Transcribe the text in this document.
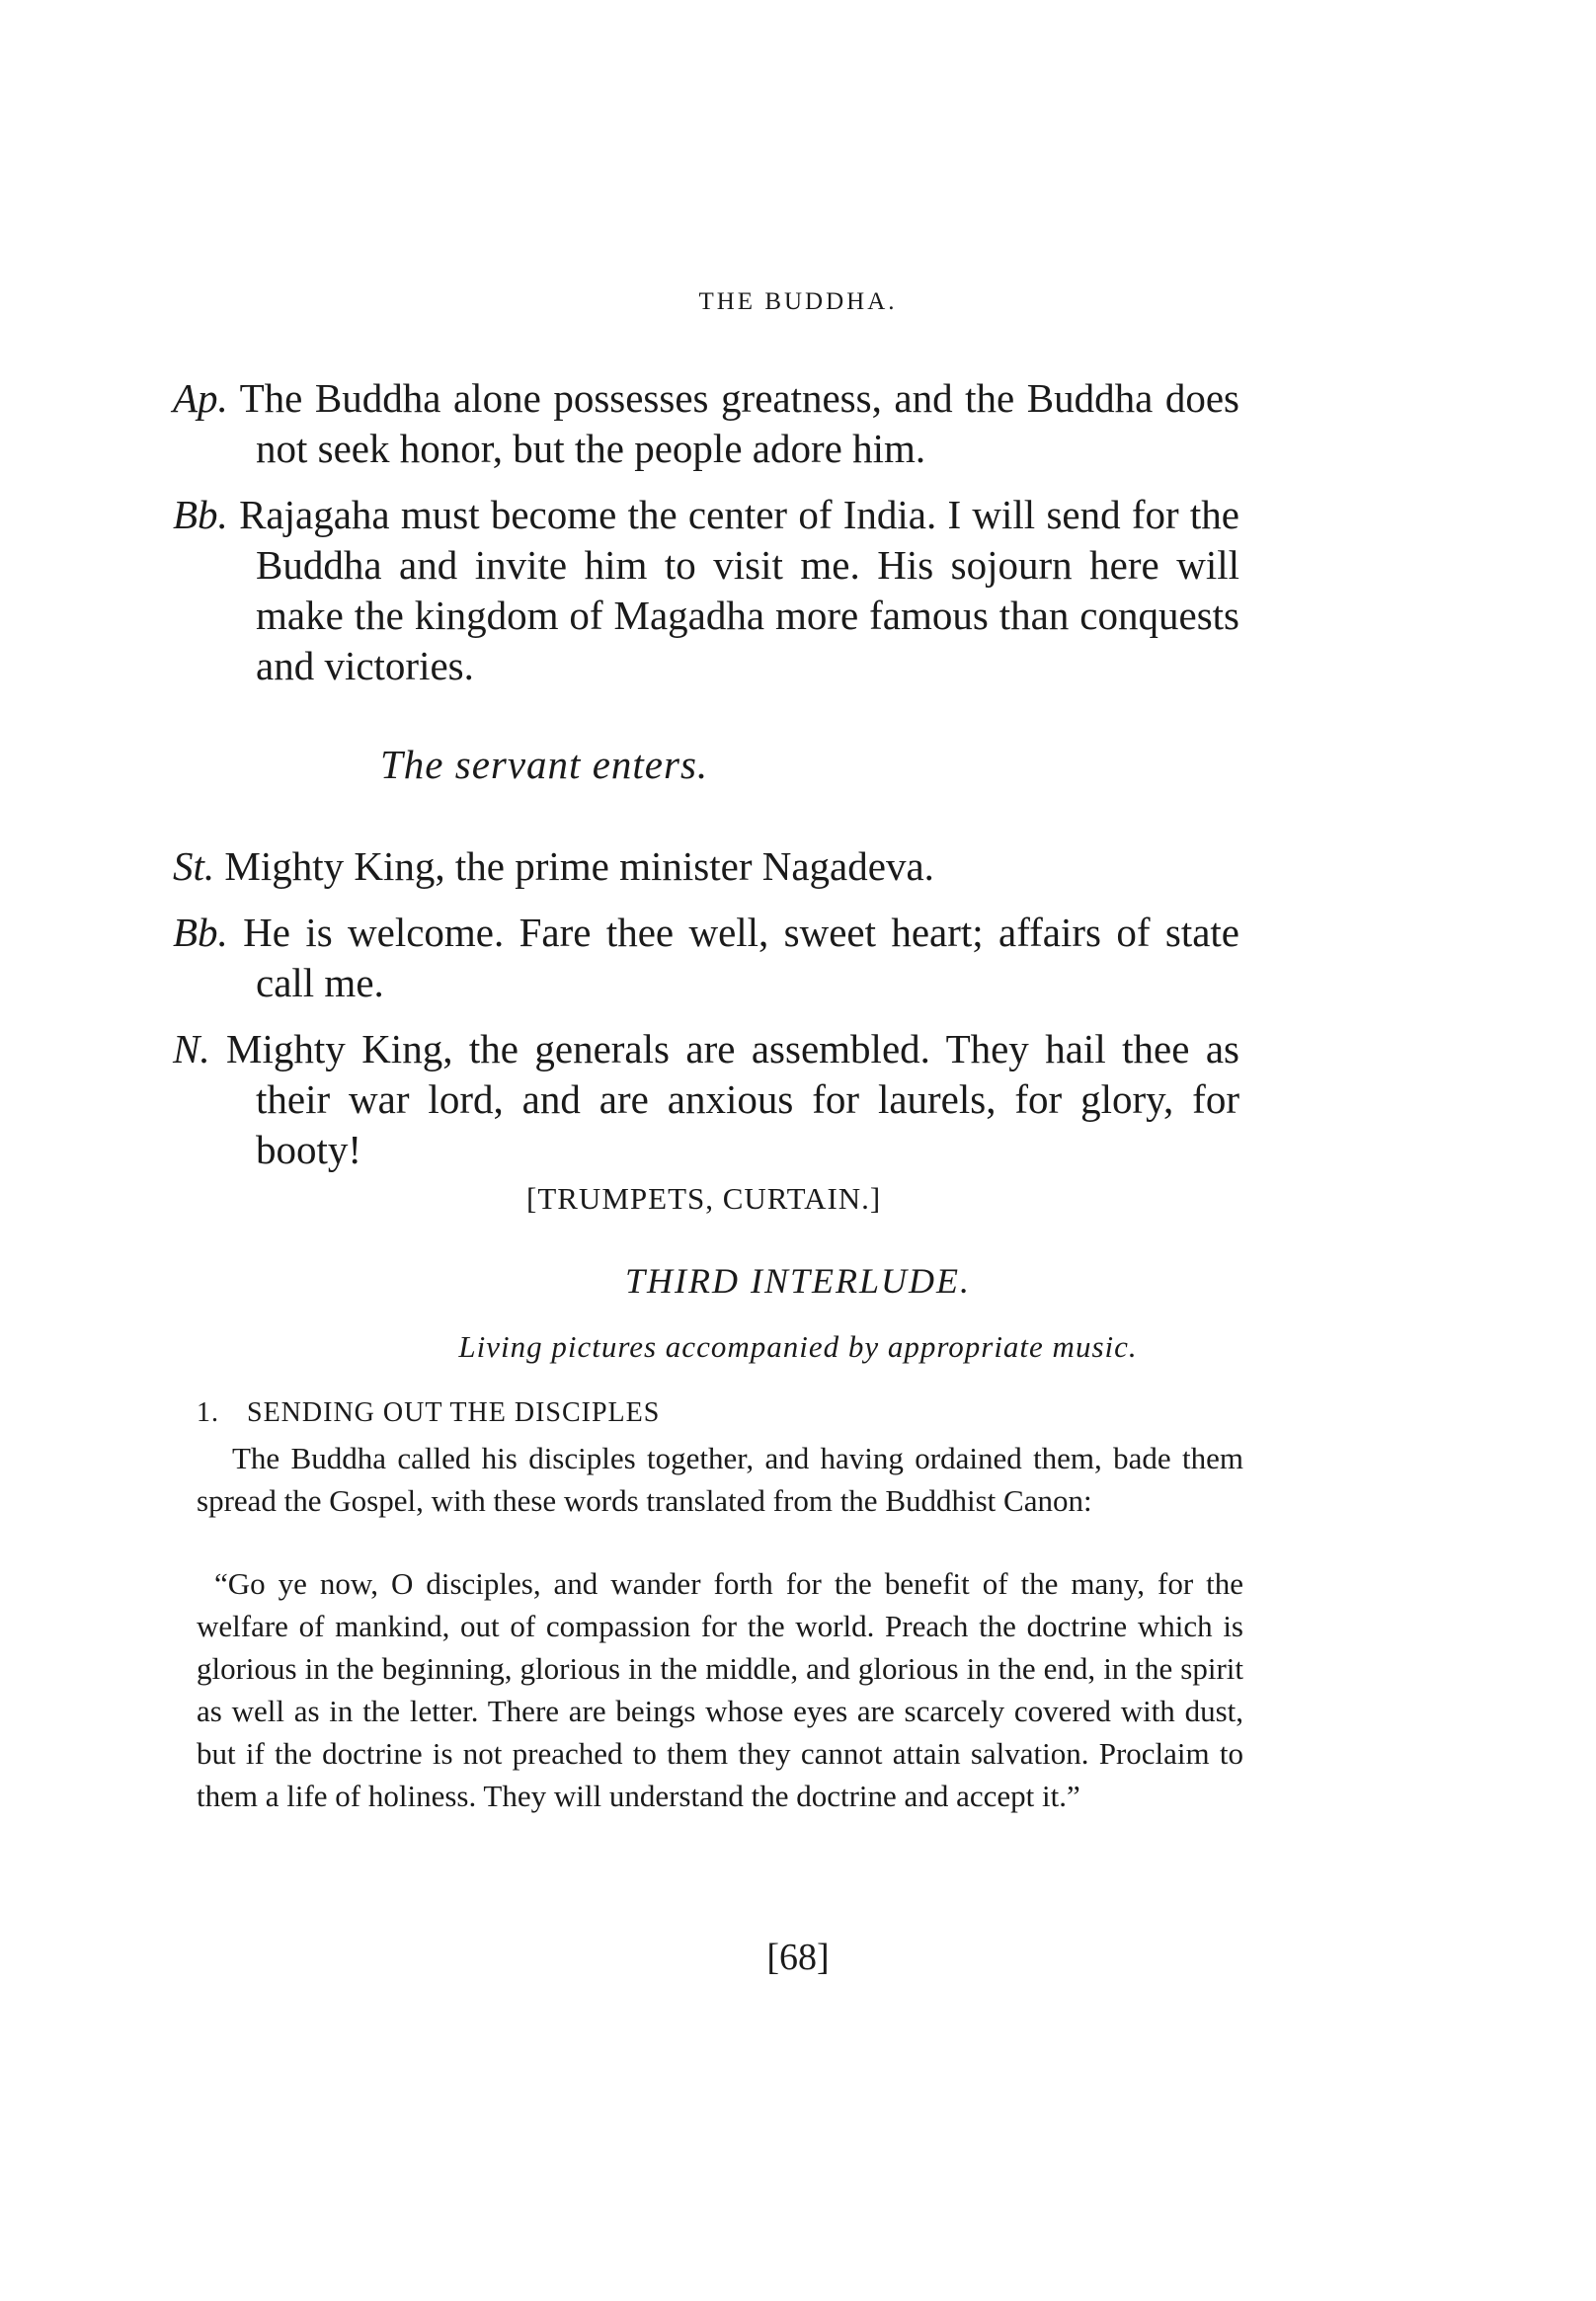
THE BUDDHA.

Ap. The Buddha alone possesses greatness, and the Buddha does not seek honor, but the people adore him.

Bb. Rajagaha must become the center of India. I will send for the Buddha and invite him to visit me. His sojourn here will make the kingdom of Magadha more famous than conquests and victories.

The servant enters.

St. Mighty King, the prime minister Nagadeva.

Bb. He is welcome. Fare thee well, sweet heart; affairs of state call me.

N. Mighty King, the generals are assembled. They hail thee as their war lord, and are anxious for laurels, for glory, for booty!

[TRUMPETS, CURTAIN.]
THIRD INTERLUDE.
Living pictures accompanied by appropriate music.
1. SENDING OUT THE DISCIPLES

The Buddha called his disciples together, and having ordained them, bade them spread the Gospel, with these words translated from the Buddhist Canon:

“Go ye now, O disciples, and wander forth for the benefit of the many, for the welfare of mankind, out of compassion for the world. Preach the doctrine which is glorious in the beginning, glorious in the middle, and glorious in the end, in the spirit as well as in the letter. There are beings whose eyes are scarcely covered with dust, but if the doctrine is not preached to them they cannot attain salvation. Proclaim to them a life of holiness. They will understand the doctrine and accept it.”

[68]
